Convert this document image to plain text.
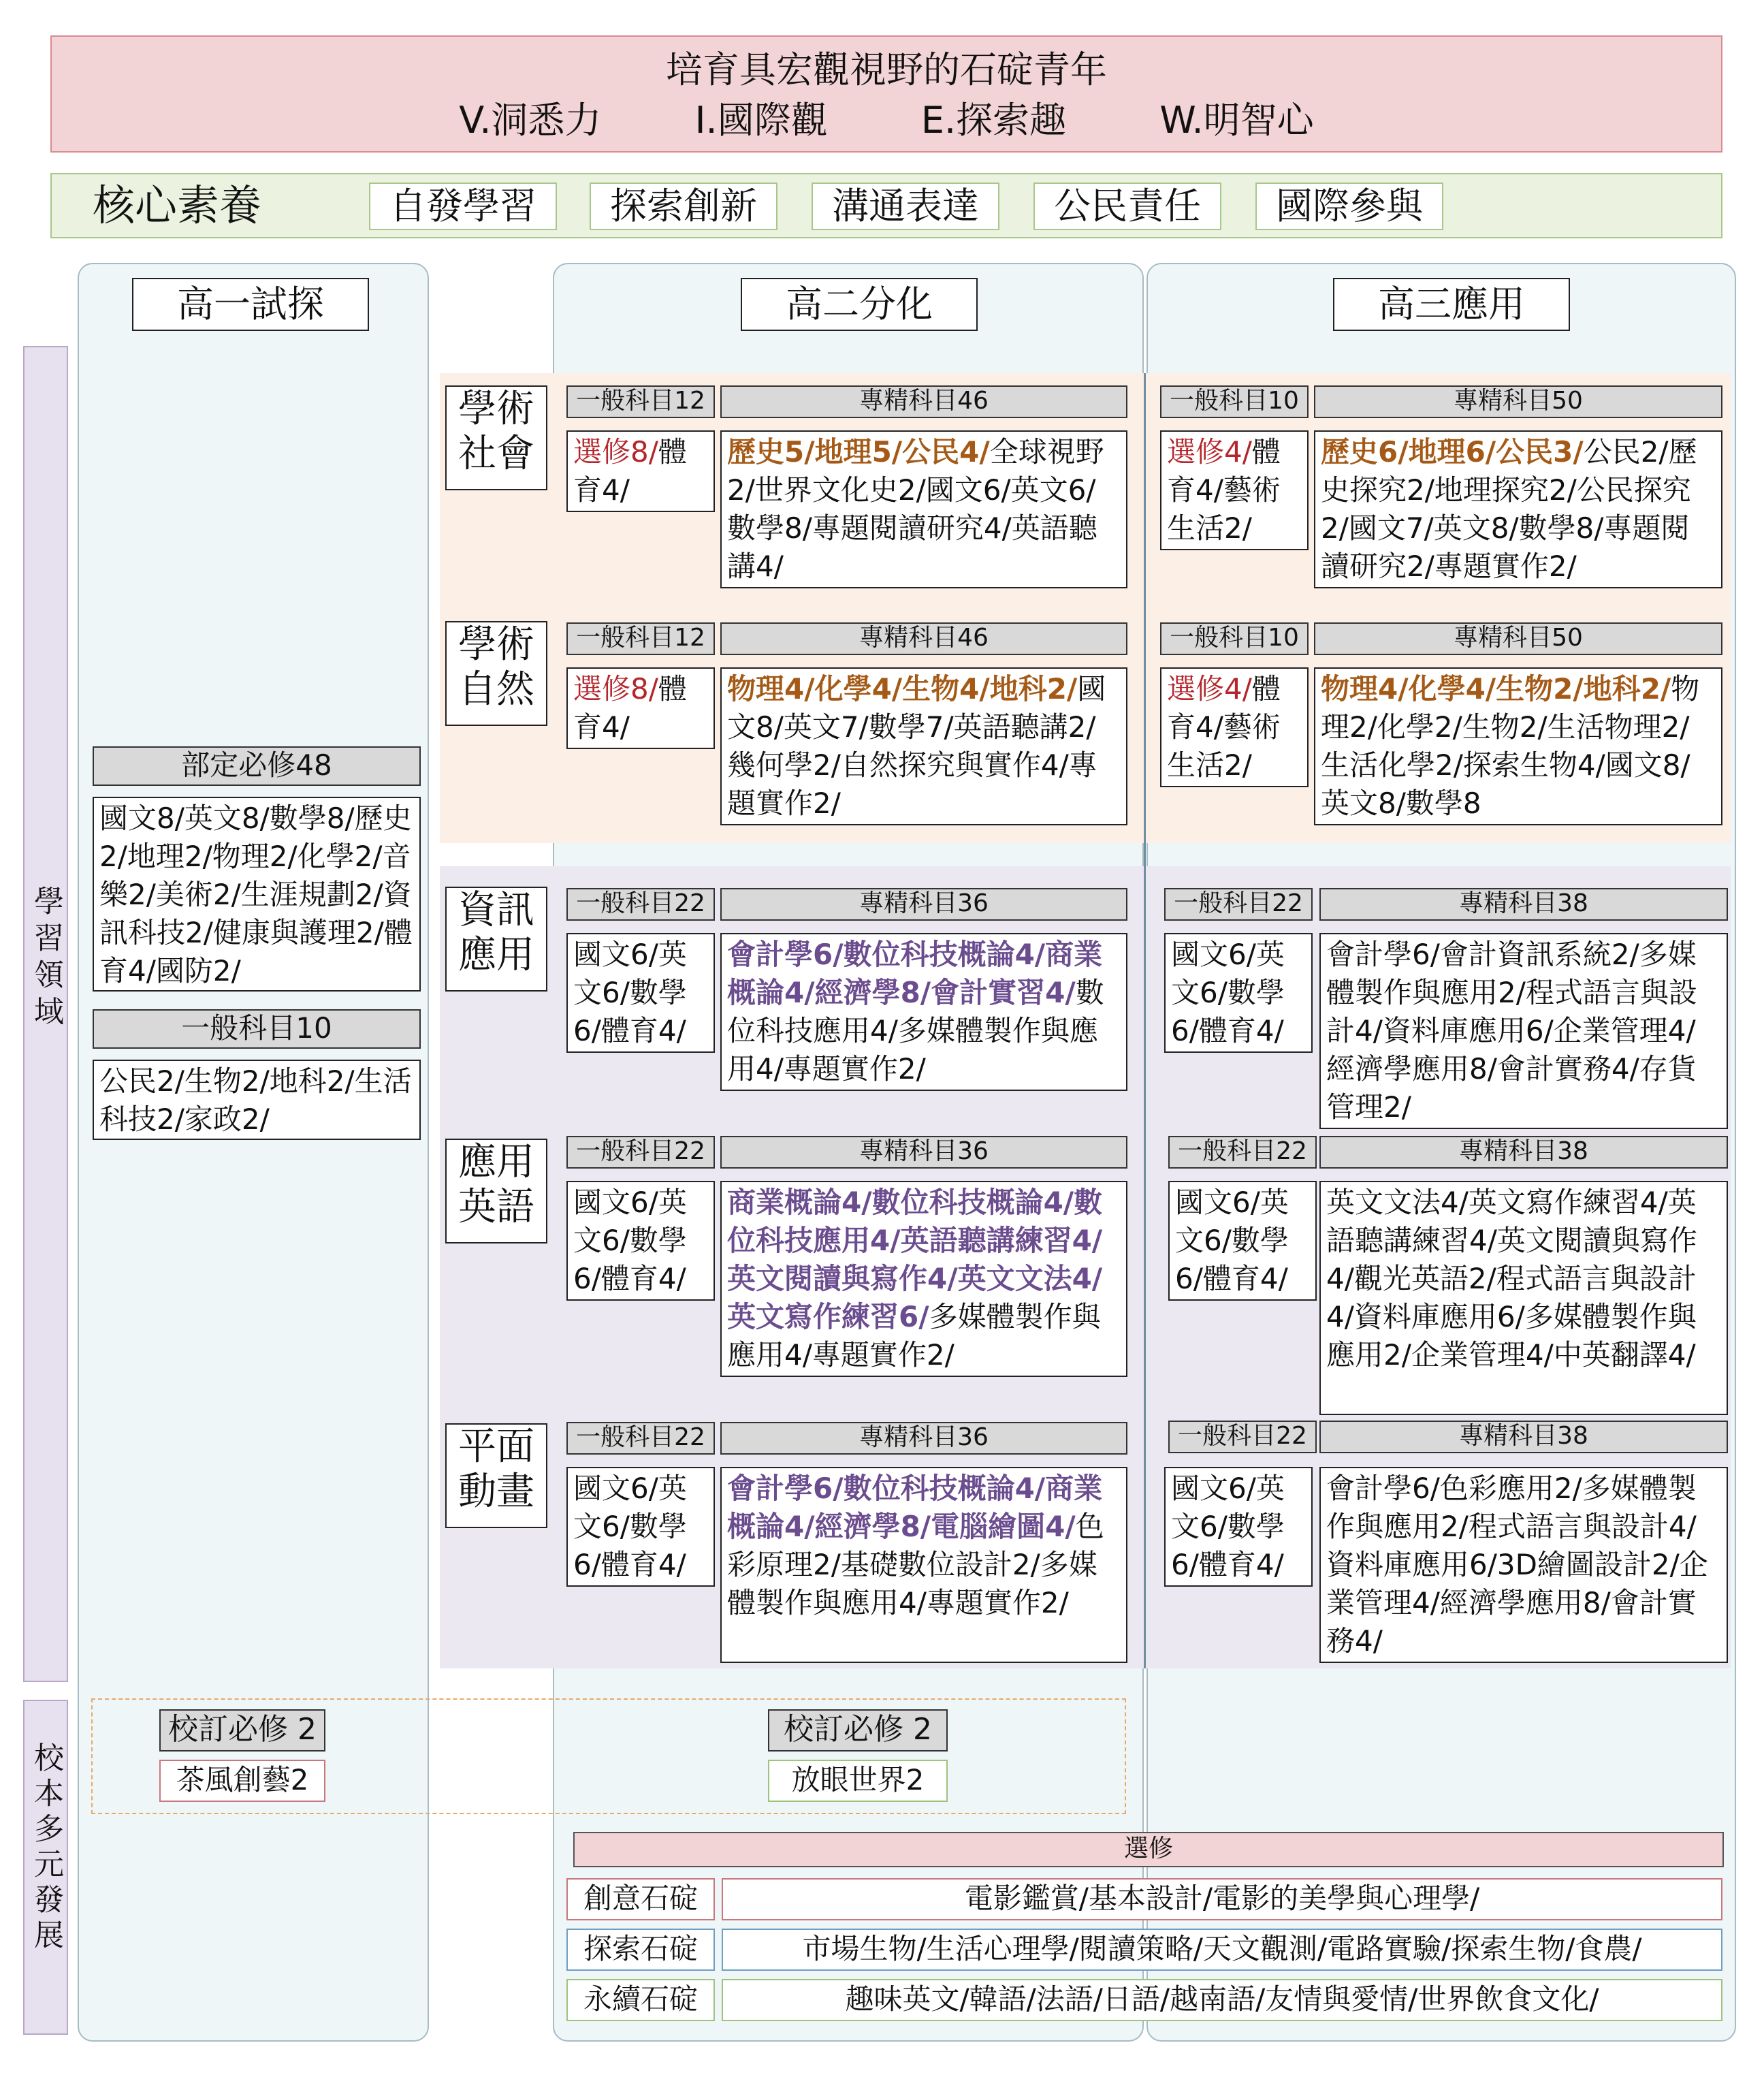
培育具宏觀視野的石碇青年
V.洞悉力	I.國際觀	E.探索趣	W.明智心
核心素養	自發學習	探索創新	溝通表達	公民責任	國際參與
高一試探	高二分化	高三應用
學習領域
校本多元發展
部定必修48
國文8/英文8/數學8/歷史2/地理2/物理2/化學2/音樂2/美術2/生涯規劃2/資訊科技2/健康與護理2/體育4/國防2/
一般科目10
公民2/生物2/地科2/生活科技2/家政2/
學術社會
一般科目12	專精科目46
選修8/體育4/
歷史5/地理5/公民4/全球視野2/世界文化史2/國文6/英文6/數學8/專題閱讀研究4/英語聽講4/
一般科目10	專精科目50
選修4/體育4/藝術生活2/
歷史6/地理6/公民3/公民2/歷史探究2/地理探究2/公民探究2/國文7/英文8/數學8/專題閱讀研究2/專題實作2/
學術自然
一般科目12	專精科目46
選修8/體育4/
物理4/化學4/生物4/地科2/國文8/英文7/數學7/英語聽講2/幾何學2/自然探究與實作4/專題實作2/
一般科目10	專精科目50
選修4/體育4/藝術生活2/
物理4/化學4/生物2/地科2/物理2/化學2/生物2/生活物理2/生活化學2/探索生物4/國文8/英文8/數學8
資訊應用
一般科目22	專精科目36
國文6/英文6/數學6/體育4/
會計學6/數位科技概論4/商業概論4/經濟學8/會計實習4/數位科技應用4/多媒體製作與應用4/專題實作2/
一般科目22	專精科目38
國文6/英文6/數學6/體育4/
會計學6/會計資訊系統2/多媒體製作與應用2/程式語言與設計4/資料庫應用6/企業管理4/經濟學應用8/會計實務4/存貨管理2/
應用英語
一般科目22	專精科目36
國文6/英文6/數學6/體育4/
商業概論4/數位科技概論4/數位科技應用4/英語聽講練習4/英文閱讀與寫作4/英文文法4/英文寫作練習6/多媒體製作與應用4/專題實作2/
一般科目22	專精科目38
國文6/英文6/數學6/體育4/
英文文法4/英文寫作練習4/英語聽講練習4/英文閱讀與寫作4/觀光英語2/程式語言與設計4/資料庫應用6/多媒體製作與應用2/企業管理4/中英翻譯4/
平面動畫
一般科目22	專精科目36
國文6/英文6/數學6/體育4/
會計學6/數位科技概論4/商業概論4/經濟學8/電腦繪圖4/色彩原理2/基礎數位設計2/多媒體製作與應用4/專題實作2/
一般科目22	專精科目38
國文6/英文6/數學6/體育4/
會計學6/色彩應用2/多媒體製作與應用2/程式語言與設計4/資料庫應用6/3D繪圖設計2/企業管理4/經濟學應用8/會計實務4/
校訂必修 2
茶風創藝2
校訂必修 2
放眼世界2
選修
創意石碇	電影鑑賞/基本設計/電影的美學與心理學/
探索石碇	市場生物/生活心理學/閱讀策略/天文觀測/電路實驗/探索生物/食農/
永續石碇	趣味英文/韓語/法語/日語/越南語/友情與愛情/世界飲食文化/
